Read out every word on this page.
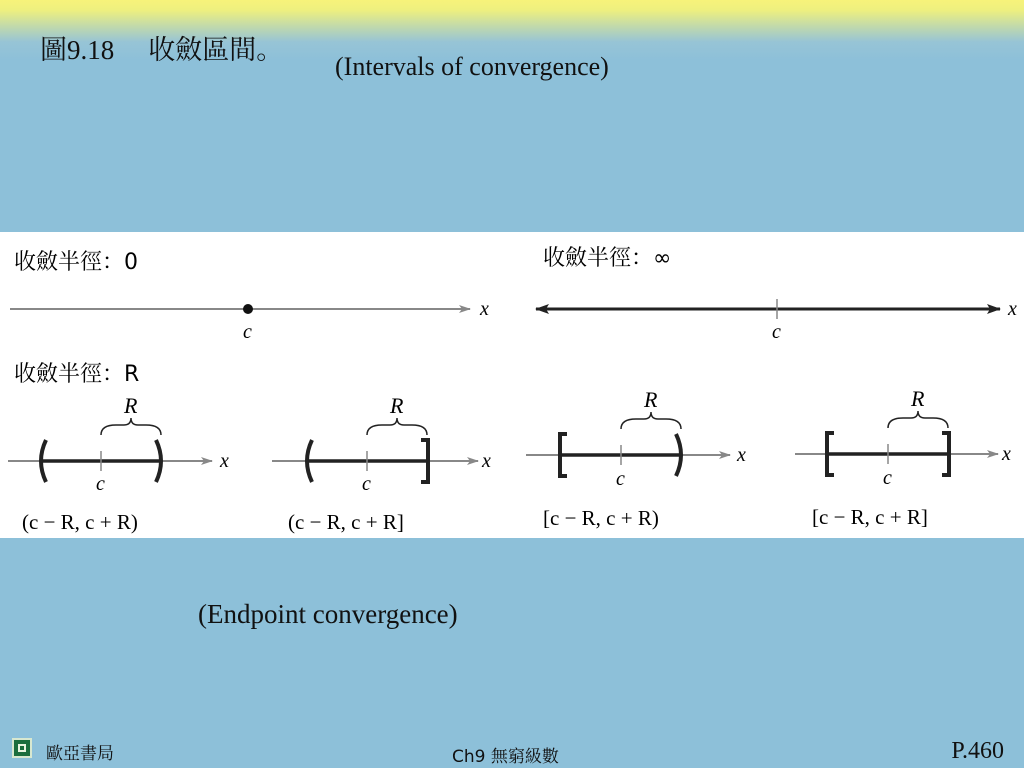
圖9.18 收斂區間。
(Intervals of convergence)
收斂半徑：0
x
c
收斂半徑：∞
x
c
收斂半徑：R
R
c
x
(c − R, c + R)
R
c
x
(c − R, c + R]
R
c
x
[c − R, c + R)
R
c
x
[c − R, c + R]
(Endpoint convergence)
歐亞書局	Ch9 無窮級數	P.460
